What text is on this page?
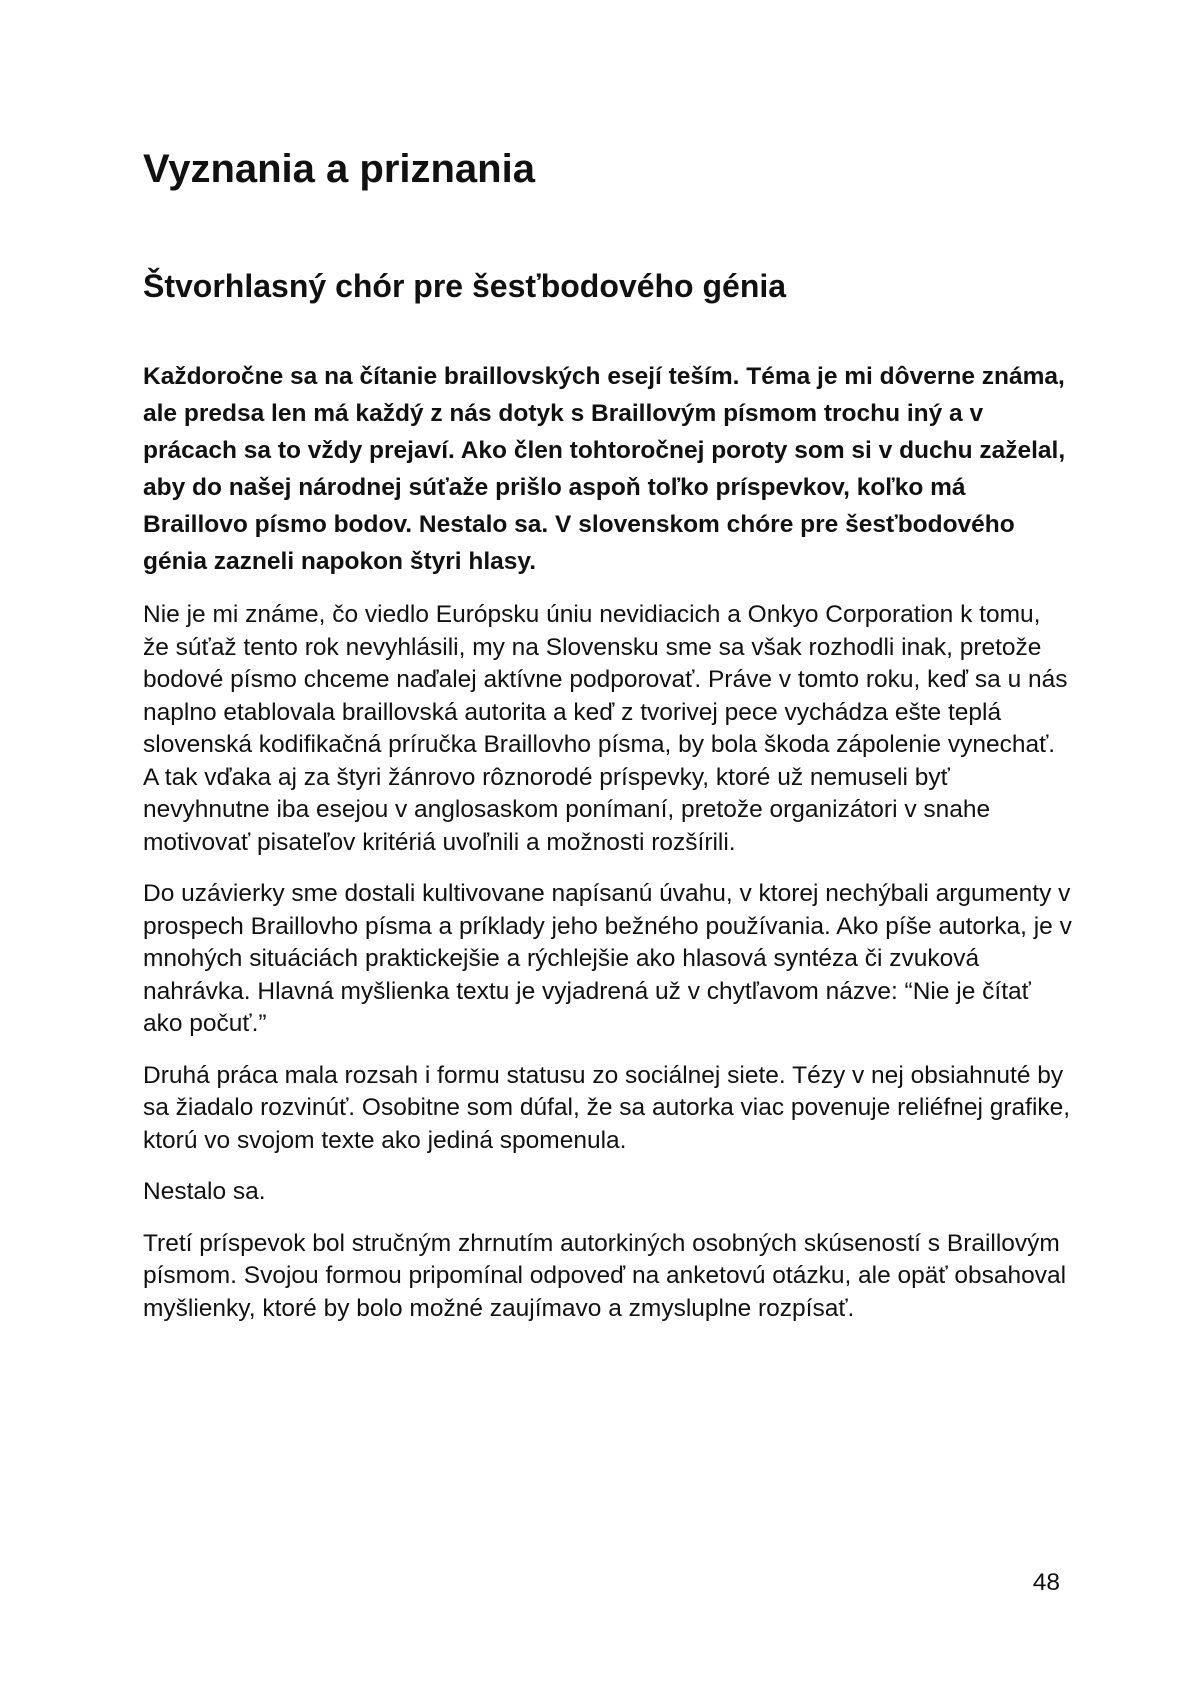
Vyznania a priznania
Štvorhlasný chór pre šesťbodového génia

Každoročne sa na čítanie braillovských esejí teším. Téma je mi dôverne známa, ale predsa len má každý z nás dotyk s Braillovým písmom trochu iný a v prácach sa to vždy prejaví. Ako člen tohtoročnej poroty som si v duchu zaželal, aby do našej národnej súťaže prišlo aspoň toľko príspevkov, koľko má Braillovo písmo bodov. Nestalo sa. V slovenskom chóre pre šesťbodového génia zazneli napokon štyri hlasy.

Nie je mi známe, čo viedlo Európsku úniu nevidiacich a Onkyo Corporation k tomu, že súťaž tento rok nevyhlásili, my na Slovensku sme sa však rozhodli inak, pretože bodové písmo chceme naďalej aktívne podporovať. Práve v tomto roku, keď sa u nás naplno etablovala braillovská autorita a keď z tvorivej pece vychádza ešte teplá slovenská kodifikačná príručka Braillovho písma, by bola škoda zápolenie vynechať. A tak vďaka aj za štyri žánrovo rôznorodé príspevky, ktoré už nemuseli byť nevyhnutne iba esejou v anglosaskom ponímaní, pretože organizátori v snahe motivovať pisateľov kritériá uvoľnili a možnosti rozšírili.

Do uzávierky sme dostali kultivovane napísanú úvahu, v ktorej nechýbali argumenty v prospech Braillovho písma a príklady jeho bežného používania. Ako píše autorka, je v mnohých situáciách praktickejšie a rýchlejšie ako hlasová syntéza či zvuková nahrávka. Hlavná myšlienka textu je vyjadrená už v chytľavom názve: “Nie je čítať ako počuť.”

Druhá práca mala rozsah i formu statusu zo sociálnej siete. Tézy v nej obsiahnuté by sa žiadalo rozvinúť. Osobitne som dúfal, že sa autorka viac povenuje reliéfnej grafike, ktorú vo svojom texte ako jediná spomenula.

Nestalo sa.

Tretí príspevok bol stručným zhrnutím autorkiných osobných skúseností s Braillovým písmom. Svojou formou pripomínal odpoveď na anketovú otázku, ale opäť obsahoval myšlienky, ktoré by bolo možné zaujímavo a zmysluplne rozpísať.

48
